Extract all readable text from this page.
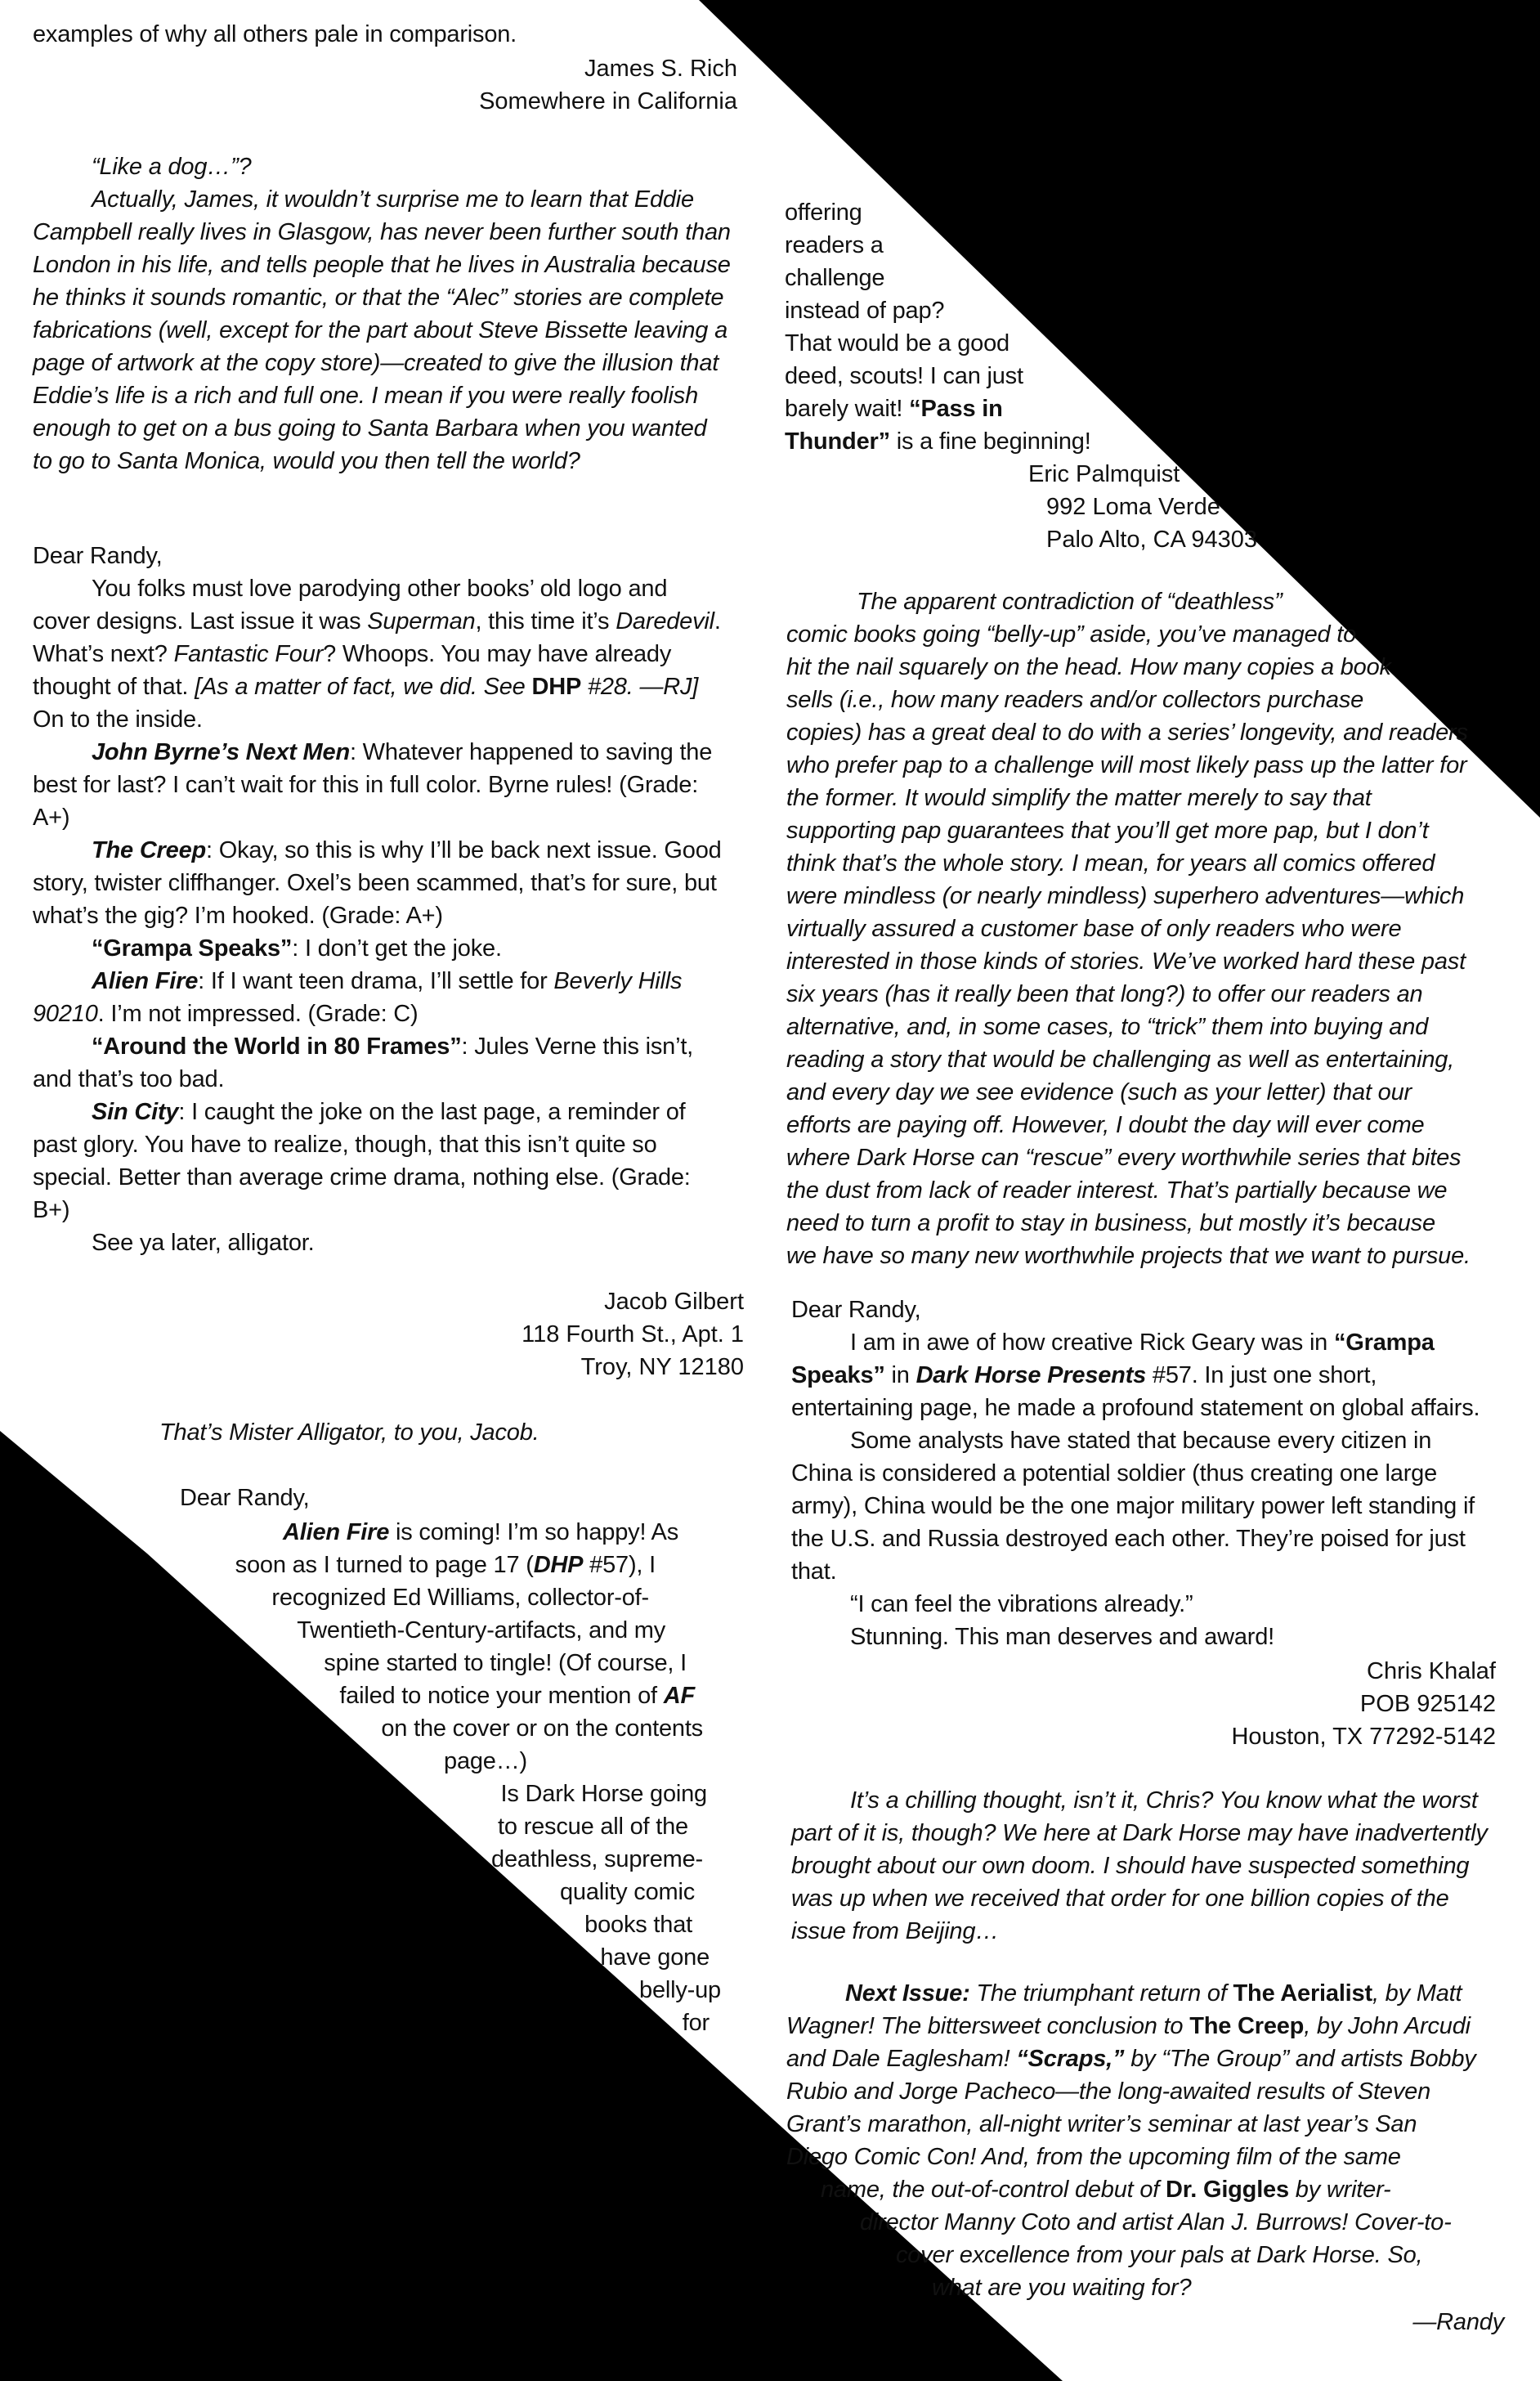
examples of why all others pale in comparison.

James S. Rich

Somewhere in California

“Like a dog…”?

Actually, James, it wouldn’t surprise me to learn that Eddie Campbell really lives in Glasgow, has never been further south than London in his life, and tells people that he lives in Australia because he thinks it sounds romantic, or that the “Alec” stories are complete fabrications (well, except for the part about Steve Bissette leaving a page of artwork at the copy store)—created to give the illusion that Eddie’s life is a rich and full one. I mean if you were really foolish enough to get on a bus going to Santa Barbara when you wanted to go to Santa Monica, would you then tell the world?

Dear Randy,

You folks must love parodying other books’ old logo and cover designs. Last issue it was Superman, this time it’s Daredevil. What’s next? Fantastic Four? Whoops. You may have already thought of that. [As a matter of fact, we did. See DHP #28. —RJ] On to the inside.

John Byrne’s Next Men: Whatever happened to saving the best for last? I can’t wait for this in full color. Byrne rules! (Grade: A+)

The Creep: Okay, so this is why I’ll be back next issue. Good story, twister cliffhanger. Oxel’s been scammed, that’s for sure, but what’s the gig? I’m hooked. (Grade: A+)

“Grampa Speaks”: I don’t get the joke.

Alien Fire: If I want teen drama, I’ll settle for Beverly Hills 90210. I’m not impressed. (Grade: C)

“Around the World in 80 Frames”: Jules Verne this isn’t, and that’s too bad.

Sin City: I caught the joke on the last page, a reminder of past glory. You have to realize, though, that this isn’t quite so special. Better than average crime drama, nothing else. (Grade: B+)

See ya later, alligator.

Jacob Gilbert

118 Fourth St., Apt. 1

Troy, NY 12180

That’s Mister Alligator, to you, Jacob.

Dear Randy,

Alien Fire is coming! I’m so happy! As

soon as I turned to page 17 (DHP #57), I

recognized Ed Williams, collector-of-

Twentieth-Century-artifacts, and my

spine started to tingle! (Of course, I

failed to notice your mention of AF

on the cover or on the contents

page…)

Is Dark Horse going

to rescue all of the

deathless, supreme-

quality comic

books that

have gone

belly-up

for

offering

readers a

challenge

instead of pap?

That would be a good

deed, scouts! I can just

barely wait! “Pass in

Thunder” is a fine beginning!

Eric Palmquist

992 Loma Verde

Palo Alto, CA 94303

The apparent contradiction of “deathless”

comic books going “belly-up” aside, you’ve managed to

hit the nail squarely on the head. How many copies a book

sells (i.e., how many readers and/or collectors purchase

copies) has a great deal to do with a series’ longevity, and readers

who prefer pap to a challenge will most likely pass up the latter for

the former. It would simplify the matter merely to say that

supporting pap guarantees that you’ll get more pap, but I don’t

think that’s the whole story. I mean, for years all comics offered

were mindless (or nearly mindless) superhero adventures—which

virtually assured a customer base of only readers who were

interested in those kinds of stories. We’ve worked hard these past

six years (has it really been that long?) to offer our readers an

alternative, and, in some cases, to “trick” them into buying and

reading a story that would be challenging as well as entertaining,

and every day we see evidence (such as your letter) that our

efforts are paying off. However, I doubt the day will ever come

where Dark Horse can “rescue” every worthwhile series that bites

the dust from lack of reader interest. That’s partially because we

need to turn a profit to stay in business, but mostly it’s because

we have so many new worthwhile projects that we want to pursue.

Dear Randy,

I am in awe of how creative Rick Geary was in “Grampa Speaks” in Dark Horse Presents #57. In just one short, entertaining page, he made a profound statement on global affairs.

Some analysts have stated that because every citizen in China is considered a potential soldier (thus creating one large army), China would be the one major military power left standing if the U.S. and Russia destroyed each other. They’re poised for just that.

“I can feel the vibrations already.”

Stunning. This man deserves and award!

Chris Khalaf

POB 925142

Houston, TX 77292-5142

It’s a chilling thought, isn’t it, Chris? You know what the worst part of it is, though? We here at Dark Horse may have inadvertently brought about our own doom. I should have suspected something was up when we received that order for one billion copies of the issue from Beijing…

Next Issue: The triumphant return of The Aerialist, by Matt

Wagner! The bittersweet conclusion to The Creep, by John Arcudi

and Dale Eaglesham! “Scraps,” by “The Group” and artists Bobby

Rubio and Jorge Pacheco—the long-awaited results of Steven

Grant’s marathon, all-night writer’s seminar at last year’s San

Diego Comic Con! And, from the upcoming film of the same

name, the out-of-control debut of Dr. Giggles by writer-

director Manny Coto and artist Alan J. Burrows! Cover-to-

cover excellence from your pals at Dark Horse. So,

what are you waiting for?

—Randy
